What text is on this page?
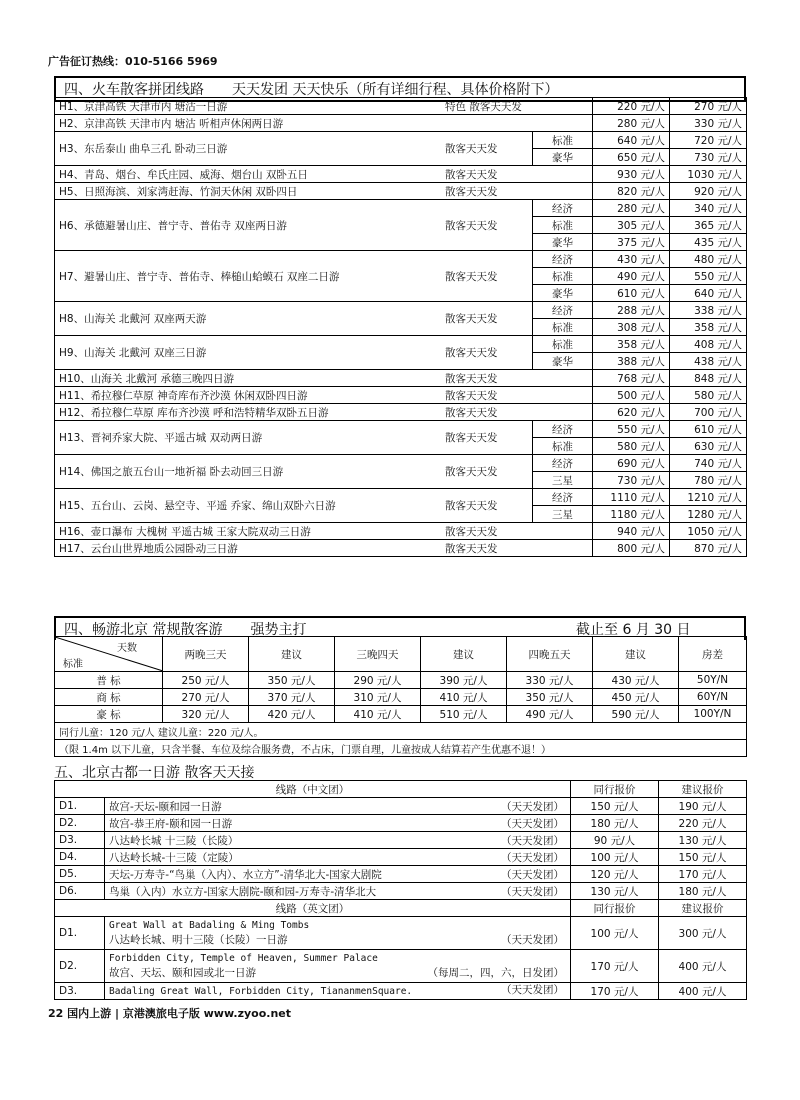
广告征订热线：010-5166 5969
四、火车散客拼团线路　　天天发团 天天快乐（所有详细行程、具体价格附下）
H1、京津高铁 天津市内 塘沽一日游 特色 散客天天发		220 元/人	270 元/人
H2、京津高铁 天津市内 塘沽 听相声休闲两日游		280 元/人	330 元/人
H3、东岳泰山 曲阜三孔 卧动三日游 散客天天发	标准	640 元/人	720 元/人
	豪华	650 元/人	730 元/人
H4、青岛、烟台、牟氏庄园、威海、烟台山 双卧五日 散客天天发		930 元/人	1030 元/人
H5、日照海滨、刘家湾赶海、竹洞天休闲 双卧四日 散客天天发		820 元/人	920 元/人
H6、承德避暑山庄、普宁寺、普佑寺 双座两日游 散客天天发	经济	280 元/人	340 元/人
	标准	305 元/人	365 元/人
	豪华	375 元/人	435 元/人
H7、避暑山庄、普宁寺、普佑寺、棒槌山蛤蟆石 双座二日游 散客天天发	经济	430 元/人	480 元/人
	标准	490 元/人	550 元/人
	豪华	610 元/人	640 元/人
H8、山海关 北戴河 双座两天游 散客天天发	经济	288 元/人	338 元/人
	标准	308 元/人	358 元/人
H9、山海关 北戴河 双座三日游 散客天天发	标准	358 元/人	408 元/人
	豪华	388 元/人	438 元/人
H10、山海关 北戴河 承德三晚四日游 散客天天发		768 元/人	848 元/人
H11、希拉穆仁草原 神奇库布齐沙漠 休闲双卧四日游 散客天天发		500 元/人	580 元/人
H12、希拉穆仁草原 库布齐沙漠 呼和浩特精华双卧五日游 散客天天发		620 元/人	700 元/人
H13、晋祠乔家大院、平遥古城 双动两日游 散客天天发	经济	550 元/人	610 元/人
	标准	580 元/人	630 元/人
H14、佛国之旅五台山一地祈福 卧去动回三日游 散客天天发	经济	690 元/人	740 元/人
	三星	730 元/人	780 元/人
H15、五台山、云岗、悬空寺、平遥 乔家、绵山双卧六日游 散客天天发	经济	1110 元/人	1210 元/人
	三星	1180 元/人	1280 元/人
H16、壶口瀑布 大槐树 平遥古城 王家大院双动三日游 散客天天发		940 元/人	1050 元/人
H17、云台山世界地质公园卧动三日游 散客天天发		800 元/人	870 元/人
四、畅游北京 常规散客游　　强势主打	截止至 6 月 30 日
天数
标准	两晚三天	建议	三晚四天	建议	四晚五天	建议	房差
普 标	250 元/人	350 元/人	290 元/人	390 元/人	330 元/人	430 元/人	50Y/N
商 标	270 元/人	370 元/人	310 元/人	410 元/人	350 元/人	450 元/人	60Y/N
豪 标	320 元/人	420 元/人	410 元/人	510 元/人	490 元/人	590 元/人	100Y/N
同行儿童：120 元/人 建议儿童：220 元/人。							
（限 1.4m 以下儿童，只含半餐、车位及综合服务费，不占床，门票自理，儿童按成人结算若产生优惠不退！）							
五、北京古都一日游 散客天天接
线路（中文团）		同行报价	建议报价
D1.	故宫-天坛-颐和园一日游 （天天发团）	150 元/人	190 元/人
D2.	故宫-恭王府-颐和园一日游 （天天发团）	180 元/人	220 元/人
D3.	八达岭长城 十三陵（长陵） （天天发团）	90 元/人	130 元/人
D4.	八达岭长城-十三陵（定陵） （天天发团）	100 元/人	150 元/人
D5.	天坛-万寿寺-“鸟巢（入内）、水立方”-清华北大-国家大剧院 （天天发团）	120 元/人	170 元/人
D6.	鸟巢（入内）水立方-国家大剧院-颐和园-万寿寺-清华北大 （天天发团）	130 元/人	180 元/人
线路（英文团）		同行报价	建议报价
D1.	Great Wall at Badaling & Ming Tombs
八达岭长城、明十三陵（长陵）一日游 （天天发团）	100 元/人	300 元/人
D2.	Forbidden City, Temple of Heaven, Summer Palace
故宫、天坛、颐和园或北一日游 （每周二，四，六，日发团）	170 元/人	400 元/人
D3.	Badaling Great Wall, Forbidden City, TiananmenSquare. （天天发团）	170 元/人	400 元/人
22 国内上游 | 京港澳旅电子版 www.zyoo.net
